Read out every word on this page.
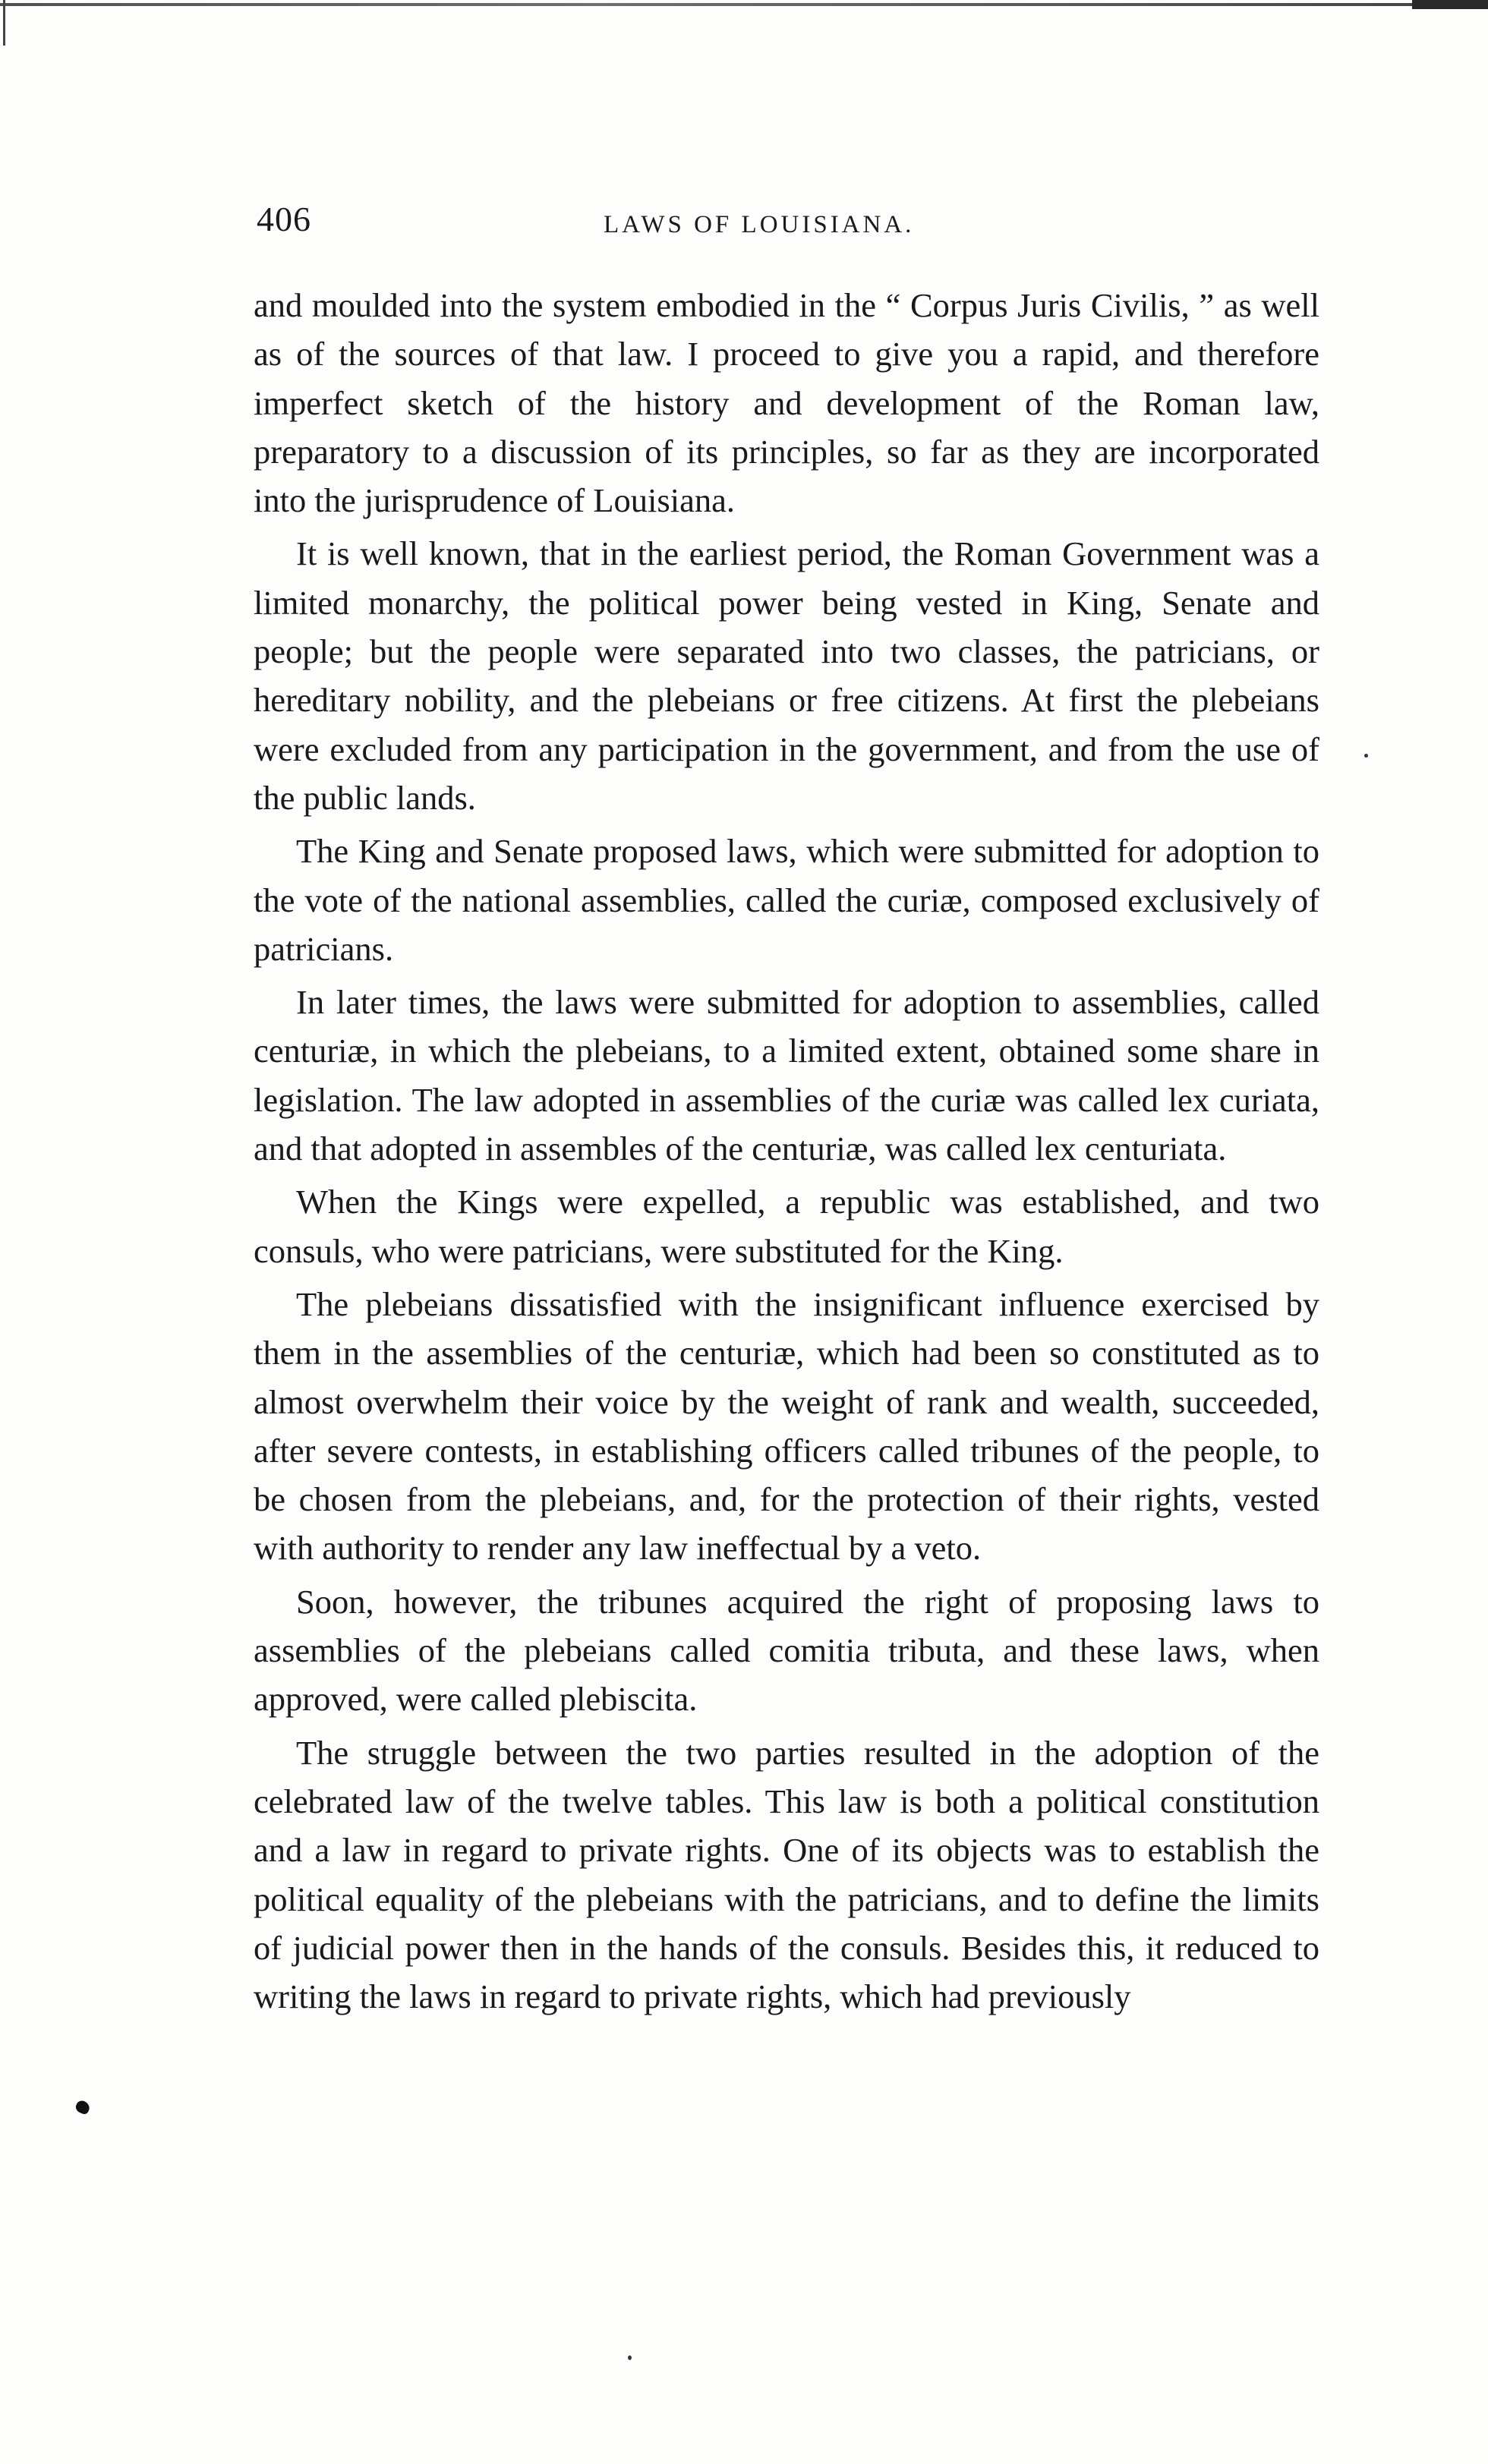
406	LAWS OF LOUISIANA.

and moulded into the system embodied in the “ Corpus Juris Civilis, ” as well as of the sources of that law. I proceed to give you a rapid, and therefore imperfect sketch of the history and development of the Roman law, preparatory to a discussion of its principles, so far as they are incorporated into the jurisprudence of Louisiana.

It is well known, that in the earliest period, the Roman Government was a limited monarchy, the political power being vested in King, Senate and people; but the people were separated into two classes, the patricians, or hereditary nobility, and the plebeians or free citizens. At first the plebeians were excluded from any participation in the government, and from the use of the public lands.

The King and Senate proposed laws, which were submitted for adoption to the vote of the national assemblies, called the curiæ, composed exclusively of patricians.

In later times, the laws were submitted for adoption to assemblies, called centuriæ, in which the plebeians, to a limited extent, obtained some share in legislation. The law adopted in assemblies of the curiæ was called lex curiata, and that adopted in assembles of the centuriæ, was called lex centuriata.

When the Kings were expelled, a republic was established, and two consuls, who were patricians, were substituted for the King.

The plebeians dissatisfied with the insignificant influence exercised by them in the assemblies of the centuriæ, which had been so constituted as to almost overwhelm their voice by the weight of rank and wealth, succeeded, after severe contests, in establishing officers called tribunes of the people, to be chosen from the plebeians, and, for the protection of their rights, vested with authority to render any law ineffectual by a veto.

Soon, however, the tribunes acquired the right of proposing laws to assemblies of the plebeians called comitia tributa, and these laws, when approved, were called plebiscita.

The struggle between the two parties resulted in the adoption of the celebrated law of the twelve tables. This law is both a political constitution and a law in regard to private rights. One of its objects was to establish the political equality of the plebeians with the patricians, and to define the limits of judicial power then in the hands of the consuls. Besides this, it reduced to writing the laws in regard to private rights, which had previously
